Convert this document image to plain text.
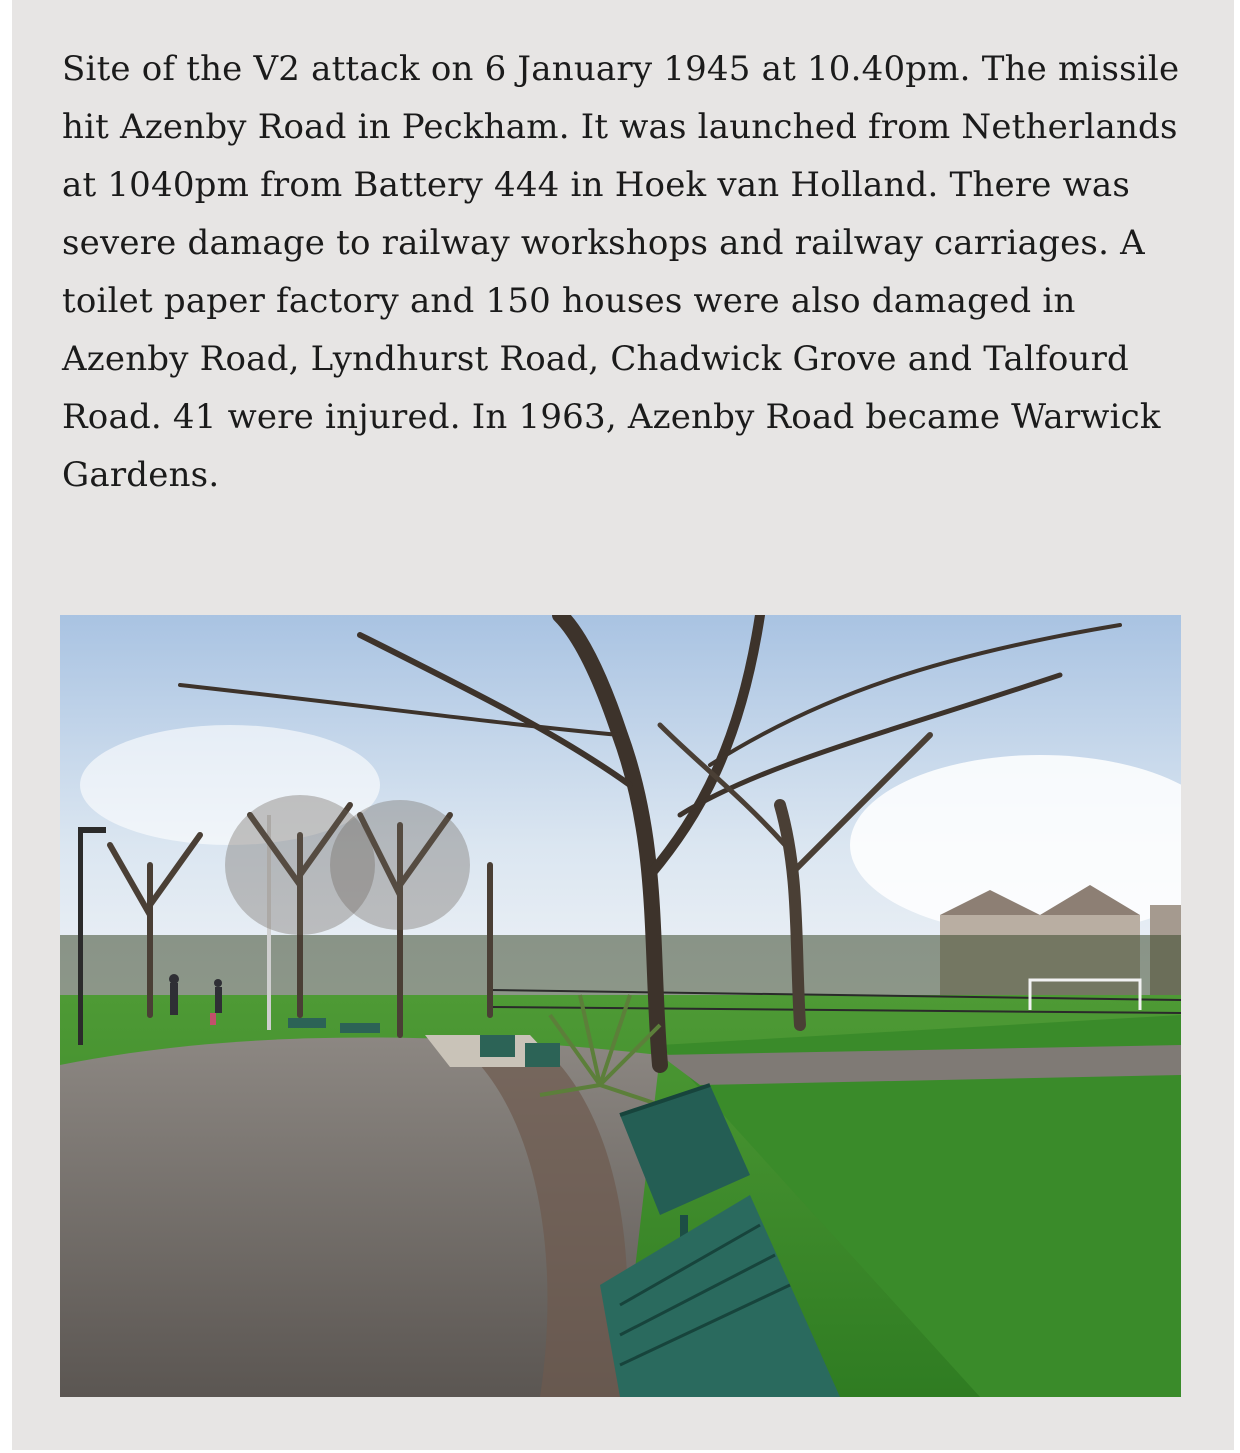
Site of the V2 attack on 6 January 1945 at 10.40pm. The missile hit Azenby Road in Peckham. It was launched from Netherlands at 1040pm from Battery 444 in Hoek van Holland. There was severe damage to railway workshops and railway carriages. A toilet paper factory and 150 houses were also damaged in Azenby Road, Lyndhurst Road, Chadwick Grove and Talfourd Road. 41 were injured. In 1963, Azenby Road became Warwick Gardens.
